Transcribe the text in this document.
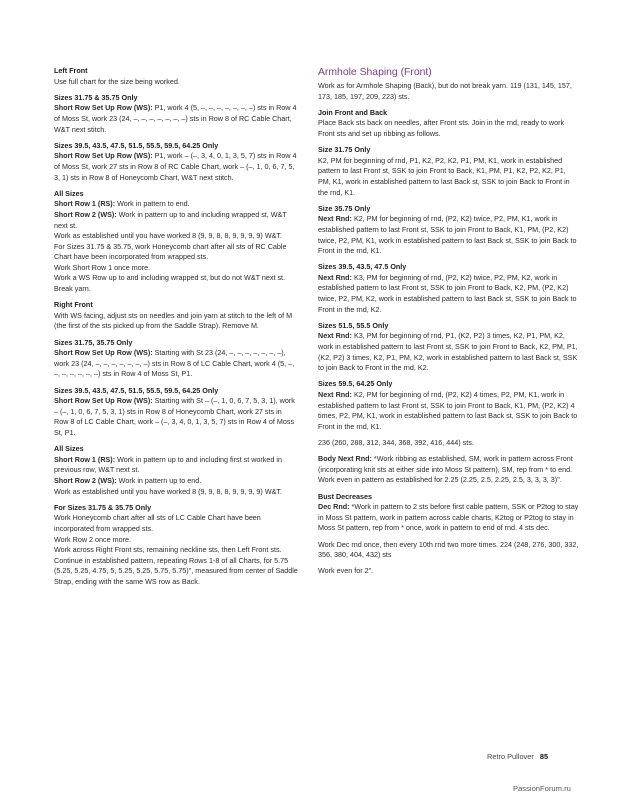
Left Front

Use full chart for the size being worked.

Sizes 31.75 & 35.75 Only

Short Row Set Up Row (WS): P1, work 4 (5, –, –, –, –, –, –, –) sts in Row 4 of Moss St, work 23 (24, –, –, –, –, –, –, –) sts in Row 8 of RC Cable Chart, W&T next stitch.

Sizes 39.5, 43.5, 47.5, 51.5, 55.5, 59.5, 64.25 Only

Short Row Set Up Row (WS): P1, work – (–, 3, 4, 0, 1, 3, 5, 7) sts in Row 4 of Moss St, work 27 sts in Row 8 of RC Cable Chart, work – (–, 1, 0, 6, 7, 5, 3, 1) sts in Row 8 of Honeycomb Chart, W&T next stitch.

All Sizes

Short Row 1 (RS): Work in pattern to end.

Short Row 2 (WS): Work in pattern up to and including wrapped st, W&T next st.

Work as established until you have worked 8 (9, 9, 8, 8, 9, 9, 9, 9) W&T.

For Sizes 31.75 & 35.75, work Honeycomb chart after all sts of RC Cable Chart have been incorporated from wrapped sts.

Work Short Row 1 once more.

Work a WS Row up to and including wrapped st, but do not W&T next st. Break yarn.

Right Front

With WS facing, adjust sts on needles and join yarn at stitch to the left of M (the first of the sts picked up from the Saddle Strap). Remove M.

Sizes 31.75, 35.75 Only

Short Row Set Up Row (WS): Starting with St 23 (24, –, –, –, –, –, –, –), work 23 (24, –, –, –, –, –, –, –) sts in Row 8 of LC Cable Chart, work 4 (5, –, –, –, –, –, –, –) sts in Row 4 of Moss St, P1.

Sizes 39.5, 43.5, 47.5, 51.5, 55.5, 59.5, 64.25 Only

Short Row Set Up Row (WS): Starting with St – (–, 1, 0, 6, 7, 5, 3, 1), work – (–, 1, 0, 6, 7, 5, 3, 1) sts in Row 8 of Honeycomb Chart, work 27 sts in Row 8 of LC Cable Chart, work – (–, 3, 4, 0, 1, 3, 5, 7) sts in Row 4 of Moss St, P1.

All Sizes

Short Row 1 (RS): Work in pattern up to and including first st worked in previous row, W&T next st.

Short Row 2 (WS): Work in pattern up to end.

Work as established until you have worked 8 (9, 9, 8, 8, 9, 9, 9, 9) W&T.

For Sizes 31.75 & 35.75 Only

Work Honeycomb chart after all sts of LC Cable Chart have been incorporated from wrapped sts.

Work Row 2 once more.

Work across Right Front sts, remaining neckline sts, then Left Front sts.

Continue in established pattern, repeating Rows 1-8 of all Charts, for 5.75 (5.25, 5.25, 4.75, 5, 5.25, 5.25, 5.75, 5.75)", measured from center of Saddle Strap, ending with the same WS row as Back.

Armhole Shaping (Front)

Work as for Armhole Shaping (Back), but do not break yarn. 119 (131, 145, 157, 173, 185, 197, 209, 223) sts.

Join Front and Back

Place Back sts back on needles, after Front sts. Join in the rnd, ready to work Front sts and set up ribbing as follows.

Size 31.75 Only

K2, PM for beginning of rnd, P1, K2, P2, K2, P1, PM, K1, work in established pattern to last Front st, SSK to join Front to Back, K1, PM, P1, K2, P2, K2, P1, PM, K1, work in established pattern to last Back st, SSK to join Back to Front in the rnd, K1.

Size 35.75 Only

Next Rnd: K2, PM for beginning of rnd, (P2, K2) twice, P2, PM, K1, work in established pattern to last Front st, SSK to join Front to Back, K1, PM, (P2, K2) twice, P2, PM, K1, work in established pattern to last Back st, SSK to join Back to Front in the rnd, K1.

Sizes 39.5, 43.5, 47.5 Only

Next Rnd: K3, PM for beginning of rnd, (P2, K2) twice, P2, PM, K2, work in established pattern to last Front st, SSK to join Front to Back, K2, PM, (P2, K2) twice, P2, PM, K2, work in established pattern to last Back st, SSK to join Back to Front in the rnd, K2.

Sizes 51.5, 55.5 Only

Next Rnd: K3, PM for beginning of rnd, P1, (K2, P2) 3 times, K2, P1, PM, K2, work in established pattern to last Front st, SSK to join Front to Back, K2, PM, P1, (K2, P2) 3 times, K2, P1, PM, K2, work in established pattern to last Back st, SSK to join Back to Front in the rnd, K2.

Sizes 59.5, 64.25 Only

Next Rnd: K2, PM for beginning of rnd, (P2, K2) 4 times, P2, PM, K1, work in established pattern to last Front st, SSK to join Front to Back, K1, PM, (P2, K2) 4 times, P2, PM, K1, work in established pattern to last Back st, SSK to join Back to Front in the rnd, K1.

236 (260, 288, 312, 344, 368, 392, 416, 444) sts.

Body Next Rnd: *Work ribbing as established, SM, work in pattern across Front (incorporating knit sts at either side into Moss St pattern), SM, rep from * to end.

Work even in pattern as established for 2.25 (2.25, 2.5, 2.25, 2.5, 3, 3, 3, 3)".

Bust Decreases

Dec Rnd: *Work in pattern to 2 sts before first cable pattern, SSK or P2tog to stay in Moss St pattern, work in pattern across cable charts, K2tog or P2tog to stay in Moss St pattern, rep from * once, work in pattern to end of rnd. 4 sts dec.

Work Dec rnd once, then every 10th rnd two more times. 224 (248, 276, 300, 332, 356, 380, 404, 432) sts

Work even for 2".

Retro Pullover 85
PassionForum.ru
